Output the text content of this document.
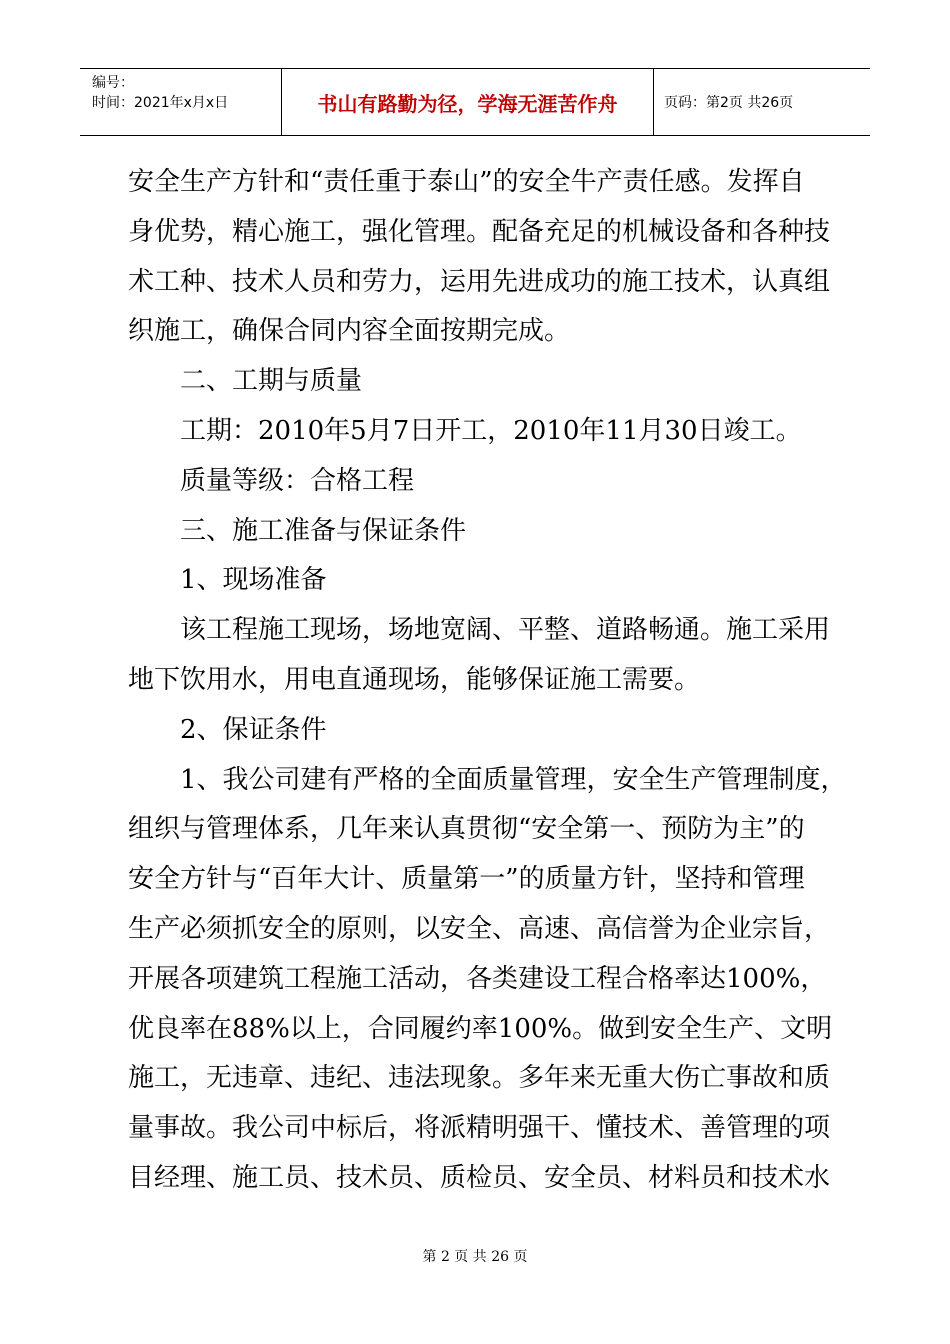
编号：
时间：2021年x月x日	书山有路勤为径，学海无涯苦作舟	页码：第2页 共26页
安全生产方针和“责任重于泰山”的安全牛产责任感。发挥自
身优势，精心施工，强化管理。配备充足的机械设备和各种技
术工种、技术人员和劳力，运用先进成功的施工技术，认真组
织施工，确保合同内容全面按期完成。
二、工期与质量
工期：2010年5月7日开工，2010年11月30日竣工。
质量等级：合格工程
三、施工准备与保证条件
1、现场准备
该工程施工现场，场地宽阔、平整、道路畅通。施工采用
地下饮用水，用电直通现场，能够保证施工需要。
2、保证条件
1、我公司建有严格的全面质量管理，安全生产管理制度，
组织与管理体系，几年来认真贯彻“安全第一、预防为主”的
安全方针与“百年大计、质量第一”的质量方针，坚持和管理
生产必须抓安全的原则，以安全、高速、高信誉为企业宗旨，
开展各项建筑工程施工活动，各类建设工程合格率达100%，
优良率在88%以上，合同履约率100%。做到安全生产、文明
施工，无违章、违纪、违法现象。多年来无重大伤亡事故和质
量事故。我公司中标后，将派精明强干、懂技术、善管理的项
目经理、施工员、技术员、质检员、安全员、材料员和技术水
第 2 页 共 26 页
